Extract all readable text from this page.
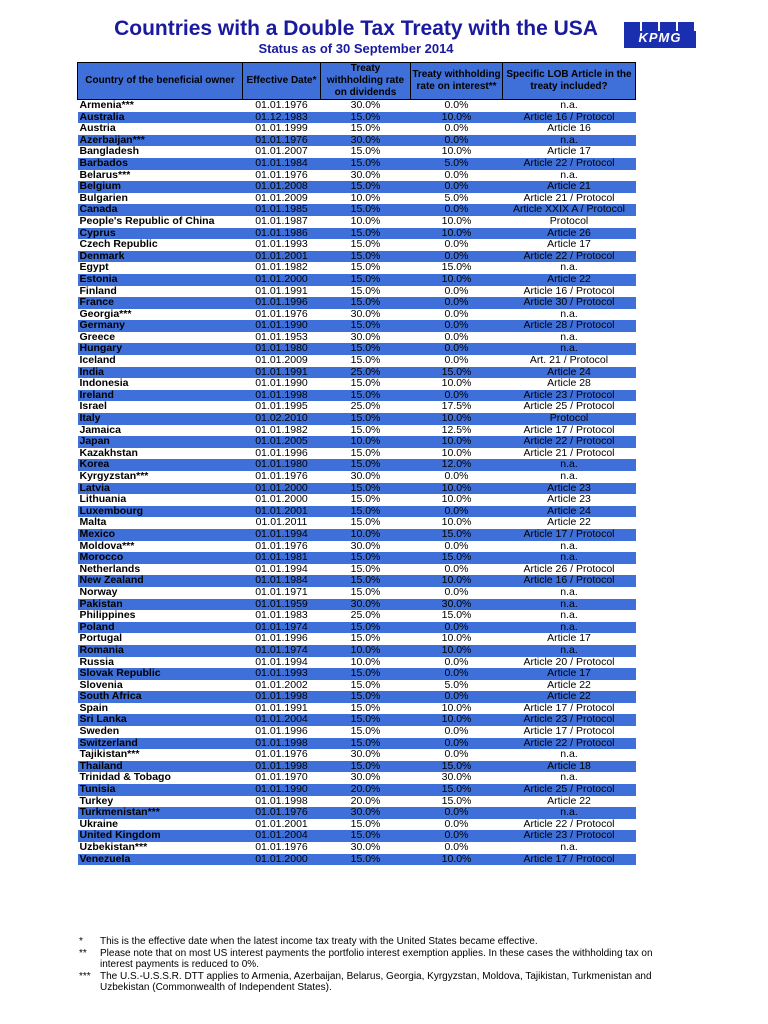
Countries with a Double Tax Treaty with the USA
Status as of 30 September 2014
KPMG
Country of the beneficial owner	Effective Date*	Treaty withholding rate on dividends	Treaty withholding rate on interest**	Specific LOB Article in the treaty included?
Armenia***	01.01.1976	30.0%	0.0%	n.a.
Australia	01.12.1983	15.0%	10.0%	Article 16 / Protocol
Austria	01.01.1999	15.0%	0.0%	Article 16
Azerbaijan***	01.01.1976	30.0%	0.0%	n.a.
Bangladesh	01.01.2007	15.0%	10.0%	Article 17
Barbados	01.01.1984	15.0%	5.0%	Article 22 / Protocol
Belarus***	01.01.1976	30.0%	0.0%	n.a.
Belgium	01.01.2008	15.0%	0.0%	Article 21
Bulgarien	01.01.2009	10.0%	5.0%	Article 21 / Protocol
Canada	01.01.1985	15.0%	0.0%	Article XXIX A / Protocol
People's Republic of China	01.01.1987	10.0%	10.0%	Protocol
Cyprus	01.01.1986	15.0%	10.0%	Article 26
Czech Republic	01.01.1993	15.0%	0.0%	Article 17
Denmark	01.01.2001	15.0%	0.0%	Article 22 / Protocol
Egypt	01.01.1982	15.0%	15.0%	n.a.
Estonia	01.01.2000	15.0%	10.0%	Article 22
Finland	01.01.1991	15.0%	0.0%	Article 16 / Protocol
France	01.01.1996	15.0%	0.0%	Article 30 / Protocol
Georgia***	01.01.1976	30.0%	0.0%	n.a.
Germany	01.01.1990	15.0%	0.0%	Article 28 / Protocol
Greece	01.01.1953	30.0%	0.0%	n.a.
Hungary	01.01.1980	15.0%	0.0%	n.a.
Iceland	01.01.2009	15.0%	0.0%	Art. 21 / Protocol
India	01.01.1991	25.0%	15.0%	Article 24
Indonesia	01.01.1990	15.0%	10.0%	Article 28
Ireland	01.01.1998	15.0%	0.0%	Article 23 / Protocol
Israel	01.01.1995	25.0%	17.5%	Article 25 / Protocol
Italy	01.02.2010	15.0%	10.0%	Protocol
Jamaica	01.01.1982	15.0%	12.5%	Article 17 / Protocol
Japan	01.01.2005	10.0%	10.0%	Article 22 / Protocol
Kazakhstan	01.01.1996	15.0%	10.0%	Article 21 / Protocol
Korea	01.01.1980	15.0%	12.0%	n.a.
Kyrgyzstan***	01.01.1976	30.0%	0.0%	n.a.
Latvia	01.01.2000	15.0%	10.0%	Article 23
Lithuania	01.01.2000	15.0%	10.0%	Article 23
Luxembourg	01.01.2001	15.0%	0.0%	Article 24
Malta	01.01.2011	15.0%	10.0%	Article 22
Mexico	01.01.1994	10.0%	15.0%	Article 17 / Protocol
Moldova***	01.01.1976	30.0%	0.0%	n.a.
Morocco	01.01.1981	15.0%	15.0%	n.a.
Netherlands	01.01.1994	15.0%	0.0%	Article 26 / Protocol
New Zealand	01.01.1984	15.0%	10.0%	Article 16 / Protocol
Norway	01.01.1971	15.0%	0.0%	n.a.
Pakistan	01.01.1959	30.0%	30.0%	n.a.
Philippines	01.01.1983	25.0%	15.0%	n.a.
Poland	01.01.1974	15.0%	0.0%	n.a.
Portugal	01.01.1996	15.0%	10.0%	Article 17
Romania	01.01.1974	10.0%	10.0%	n.a.
Russia	01.01.1994	10.0%	0.0%	Article 20 / Protocol
Slovak Republic	01.01.1993	15.0%	0.0%	Article 17
Slovenia	01.01.2002	15.0%	5.0%	Article 22
South Africa	01.01.1998	15.0%	0.0%	Article 22
Spain	01.01.1991	15.0%	10.0%	Article 17 / Protocol
Sri Lanka	01.01.2004	15.0%	10.0%	Article 23 / Protocol
Sweden	01.01.1996	15.0%	0.0%	Article 17 / Protocol
Switzerland	01.01.1998	15.0%	0.0%	Article 22 / Protocol
Tajikistan***	01.01.1976	30.0%	0.0%	n.a.
Thailand	01.01.1998	15.0%	15.0%	Article 18
Trinidad & Tobago	01.01.1970	30.0%	30.0%	n.a.
Tunisia	01.01.1990	20.0%	15.0%	Article 25 / Protocol
Turkey	01.01.1998	20.0%	15.0%	Article 22
Turkmenistan***	01.01.1976	30.0%	0.0%	n.a.
Ukraine	01.01.2001	15.0%	0.0%	Article 22 / Protocol
United Kingdom	01.01.2004	15.0%	0.0%	Article 23 / Protocol
Uzbekistan***	01.01.1976	30.0%	0.0%	n.a.
Venezuela	01.01.2000	15.0%	10.0%	Article 17 / Protocol
* This is the effective date when the latest income tax treaty with the United States became effective.
** Please note that on most US interest payments the portfolio interest exemption applies. In these cases the withholding tax on interest payments is reduced to 0%.
*** The U.S.-U.S.S.R. DTT applies to Armenia, Azerbaijan, Belarus, Georgia, Kyrgyzstan, Moldova, Tajikistan, Turkmenistan and Uzbekistan (Commonwealth of Independent States).
